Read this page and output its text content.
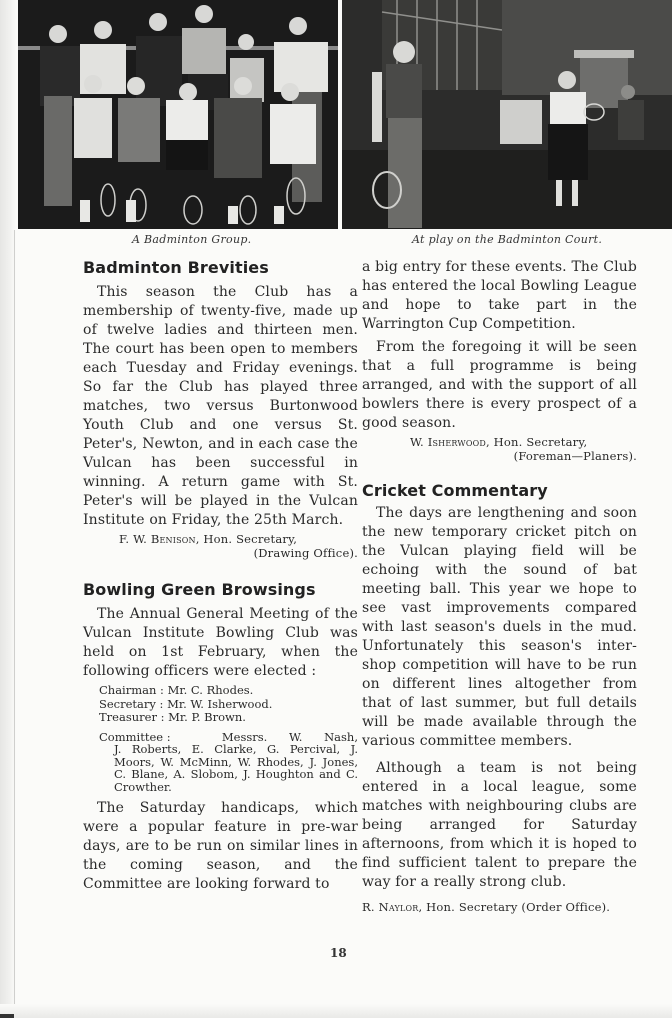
A Badminton Group.	At play on the Badminton Court.
Badminton Brevities

This season the Club has a membership of twenty-five, made up of twelve ladies and thirteen men. The court has been open to members each Tuesday and Friday evenings. So far the Club has played three matches, two versus Burtonwood Youth Club and one versus St. Peter's, Newton, and in each case the Vulcan has been successful in winning. A return game with St. Peter's will be played in the Vulcan Institute on Friday, the 25th March.

F. W. Benison, Hon. Secretary,
(Drawing Office).
Bowling Green Browsings

The Annual General Meeting of the Vulcan Institute Bowling Club was held on 1st February, when the following officers were elected :

Chairman : Mr. C. Rhodes.
Secretary : Mr. W. Isherwood.
Treasurer : Mr. P. Brown.
Committee :	Messrs. W. Nash,
J. Roberts, E. Clarke, G. Percival, J. Moors, W. McMinn, W. Rhodes, J. Jones, C. Blane, A. Slobom, J. Houghton and C. Crowther.

The Saturday handicaps, which were a popular feature in pre-war days, are to be run on similar lines in the coming season, and the Committee are looking forward to

a big entry for these events. The Club has entered the local Bowling League and hope to take part in the Warrington Cup Competition.

From the foregoing it will be seen that a full programme is being arranged, and with the support of all bowlers there is every prospect of a good season.

W. Isherwood, Hon. Secretary,
(Foreman—Planers).
Cricket Commentary

The days are lengthening and soon the new temporary cricket pitch on the Vulcan playing field will be echoing with the sound of bat meeting ball. This year we hope to see vast improvements compared with last season's duels in the mud. Unfortunately this season's inter-shop competition will have to be run on different lines altogether from that of last summer, but full details will be made available through the various committee members.

Although a team is not being entered in a local league, some matches with neighbouring clubs are being arranged for Saturday afternoons, from which it is hoped to find sufficient talent to prepare the way for a really strong club.

R. Naylor, Hon. Secretary (Order Office).
18
